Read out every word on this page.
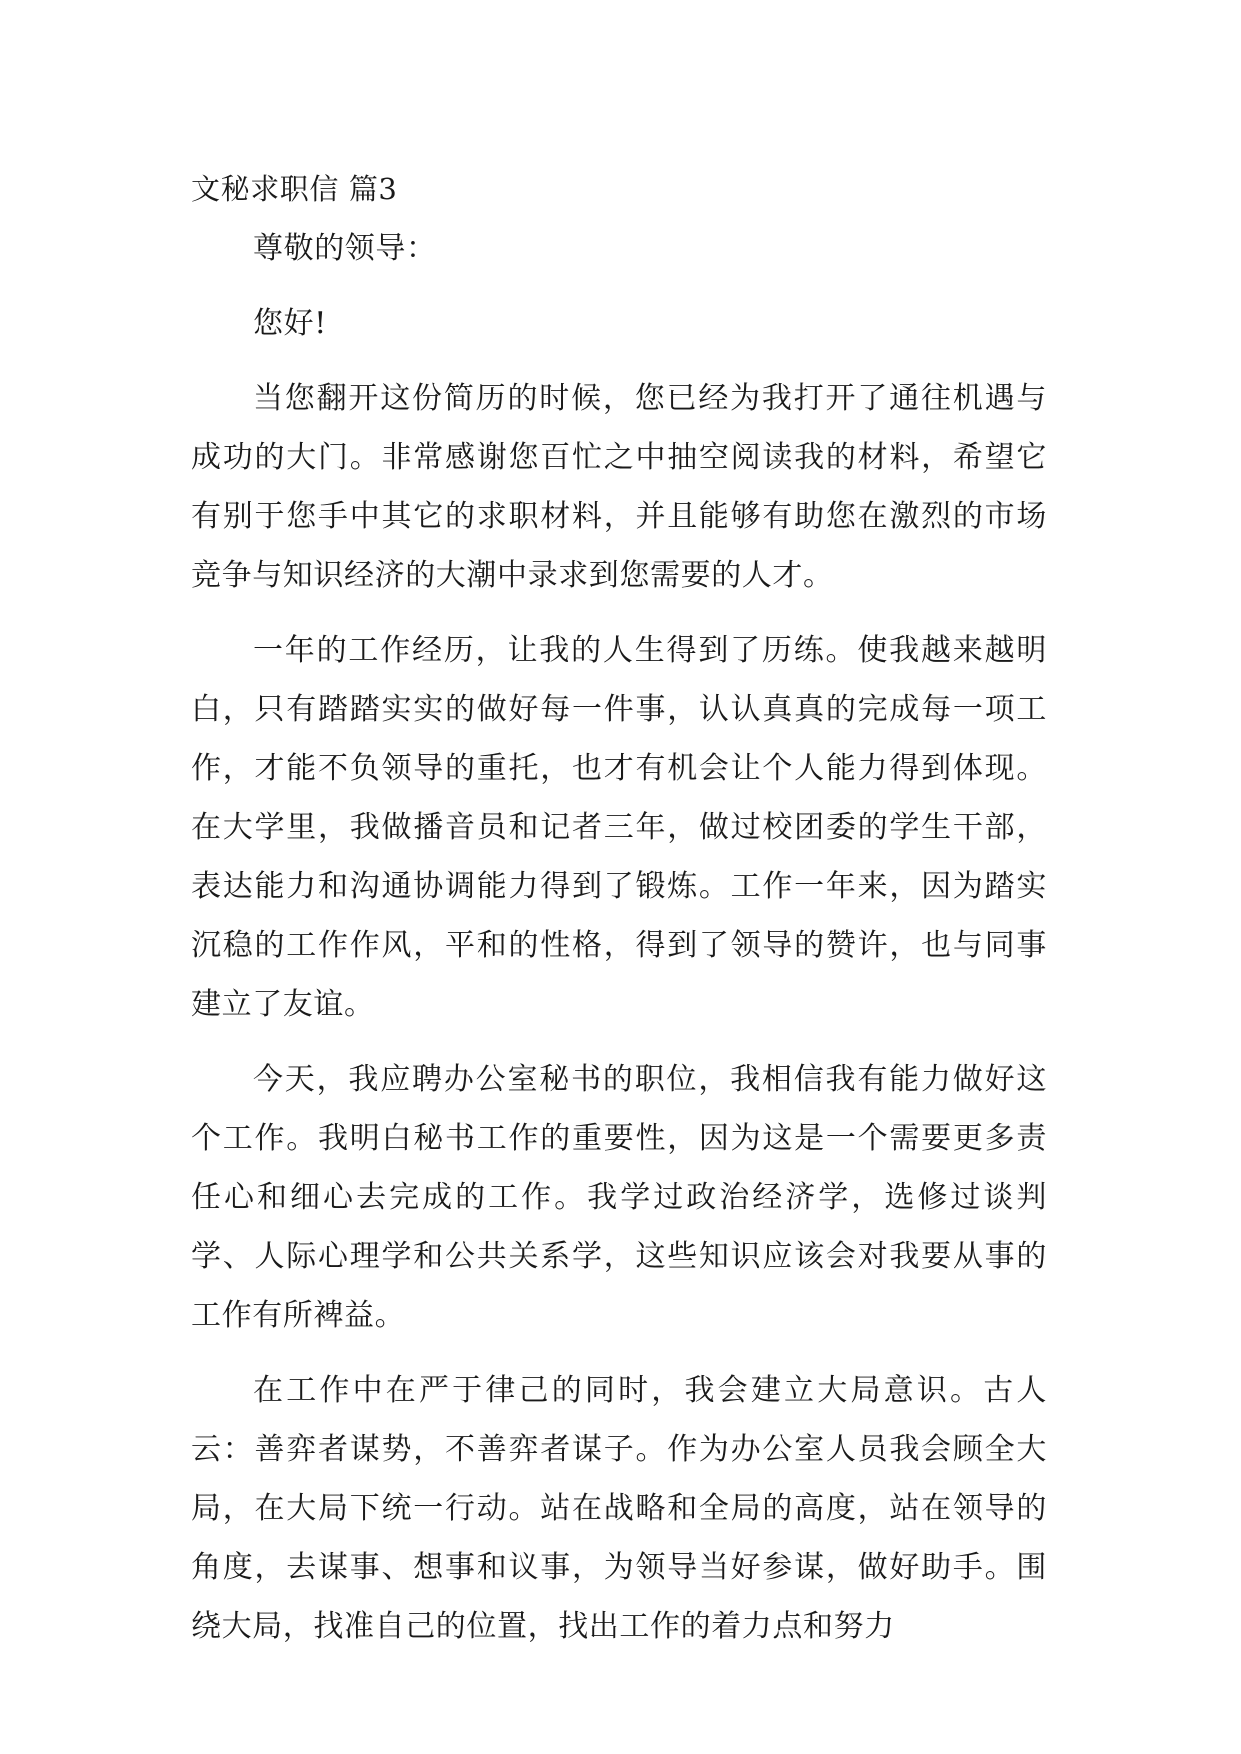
文秘求职信 篇3

尊敬的领导：

您好!

当您翻开这份简历的时候，您已经为我打开了通往机遇与成功的大门。非常感谢您百忙之中抽空阅读我的材料，希望它有别于您手中其它的求职材料，并且能够有助您在激烈的市场竞争与知识经济的大潮中录求到您需要的人才。

一年的工作经历，让我的人生得到了历练。使我越来越明白，只有踏踏实实的做好每一件事，认认真真的完成每一项工作，才能不负领导的重托，也才有机会让个人能力得到体现。在大学里，我做播音员和记者三年，做过校团委的学生干部，表达能力和沟通协调能力得到了锻炼。工作一年来，因为踏实沉稳的工作作风，平和的性格，得到了领导的赞许，也与同事建立了友谊。

今天，我应聘办公室秘书的职位，我相信我有能力做好这个工作。我明白秘书工作的重要性，因为这是一个需要更多责任心和细心去完成的工作。我学过政治经济学，选修过谈判学、人际心理学和公共关系学，这些知识应该会对我要从事的工作有所裨益。

在工作中在严于律己的同时，我会建立大局意识。古人云：善弈者谋势，不善弈者谋子。作为办公室人员我会顾全大局，在大局下统一行动。站在战略和全局的高度，站在领导的角度，去谋事、想事和议事，为领导当好参谋，做好助手。围绕大局，找准自己的位置，找出工作的着力点和努力
